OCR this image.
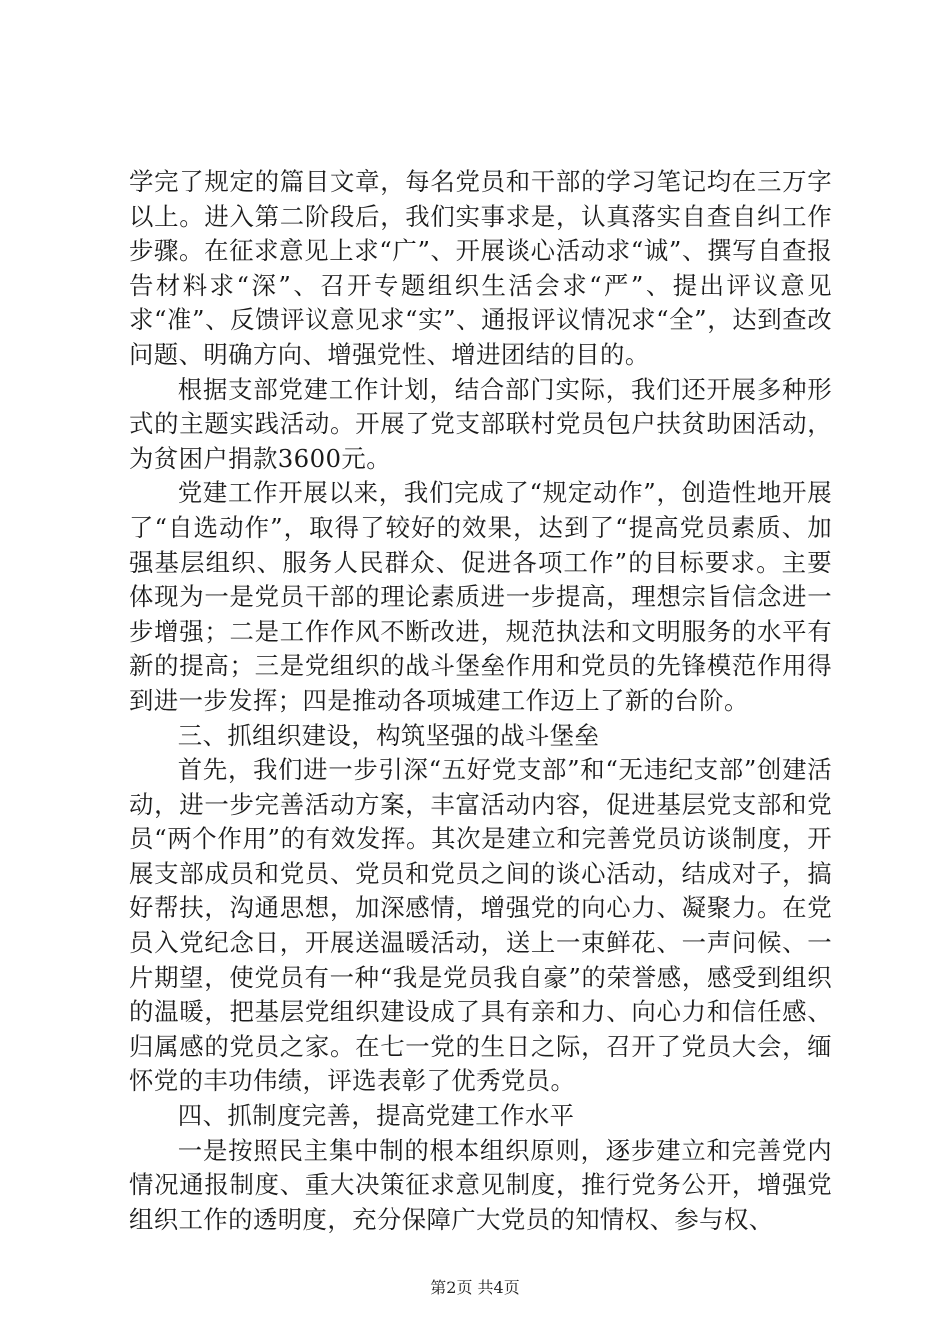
学完了规定的篇目文章，每名党员和干部的学习笔记均在三万字以上。进入第二阶段后，我们实事求是，认真落实自查自纠工作步骤。在征求意见上求“广”、开展谈心活动求“诚”、撰写自查报告材料求“深”、召开专题组织生活会求“严”、提出评议意见求“准”、反馈评议意见求“实”、通报评议情况求“全”，达到查改问题、明确方向、增强党性、增进团结的目的。

根据支部党建工作计划，结合部门实际，我们还开展多种形式的主题实践活动。开展了党支部联村党员包户扶贫助困活动，为贫困户捐款3600元。

党建工作开展以来，我们完成了“规定动作”，创造性地开展了“自选动作”，取得了较好的效果，达到了“提高党员素质、加强基层组织、服务人民群众、促进各项工作”的目标要求。主要体现为一是党员干部的理论素质进一步提高，理想宗旨信念进一步增强；二是工作作风不断改进，规范执法和文明服务的水平有新的提高；三是党组织的战斗堡垒作用和党员的先锋模范作用得到进一步发挥；四是推动各项城建工作迈上了新的台阶。

三、抓组织建设，构筑坚强的战斗堡垒

首先，我们进一步引深“五好党支部”和“无违纪支部”创建活动，进一步完善活动方案，丰富活动内容，促进基层党支部和党员“两个作用”的有效发挥。其次是建立和完善党员访谈制度，开展支部成员和党员、党员和党员之间的谈心活动，结成对子，搞好帮扶，沟通思想，加深感情，增强党的向心力、凝聚力。在党员入党纪念日，开展送温暖活动，送上一束鲜花、一声问候、一片期望，使党员有一种“我是党员我自豪”的荣誉感，感受到组织的温暖，把基层党组织建设成了具有亲和力、向心力和信任感、归属感的党员之家。在七一党的生日之际，召开了党员大会，缅怀党的丰功伟绩，评选表彰了优秀党员。

四、抓制度完善，提高党建工作水平

一是按照民主集中制的根本组织原则，逐步建立和完善党内情况通报制度、重大决策征求意见制度，推行党务公开，增强党组织工作的透明度，充分保障广大党员的知情权、参与权、

第2页 共4页
